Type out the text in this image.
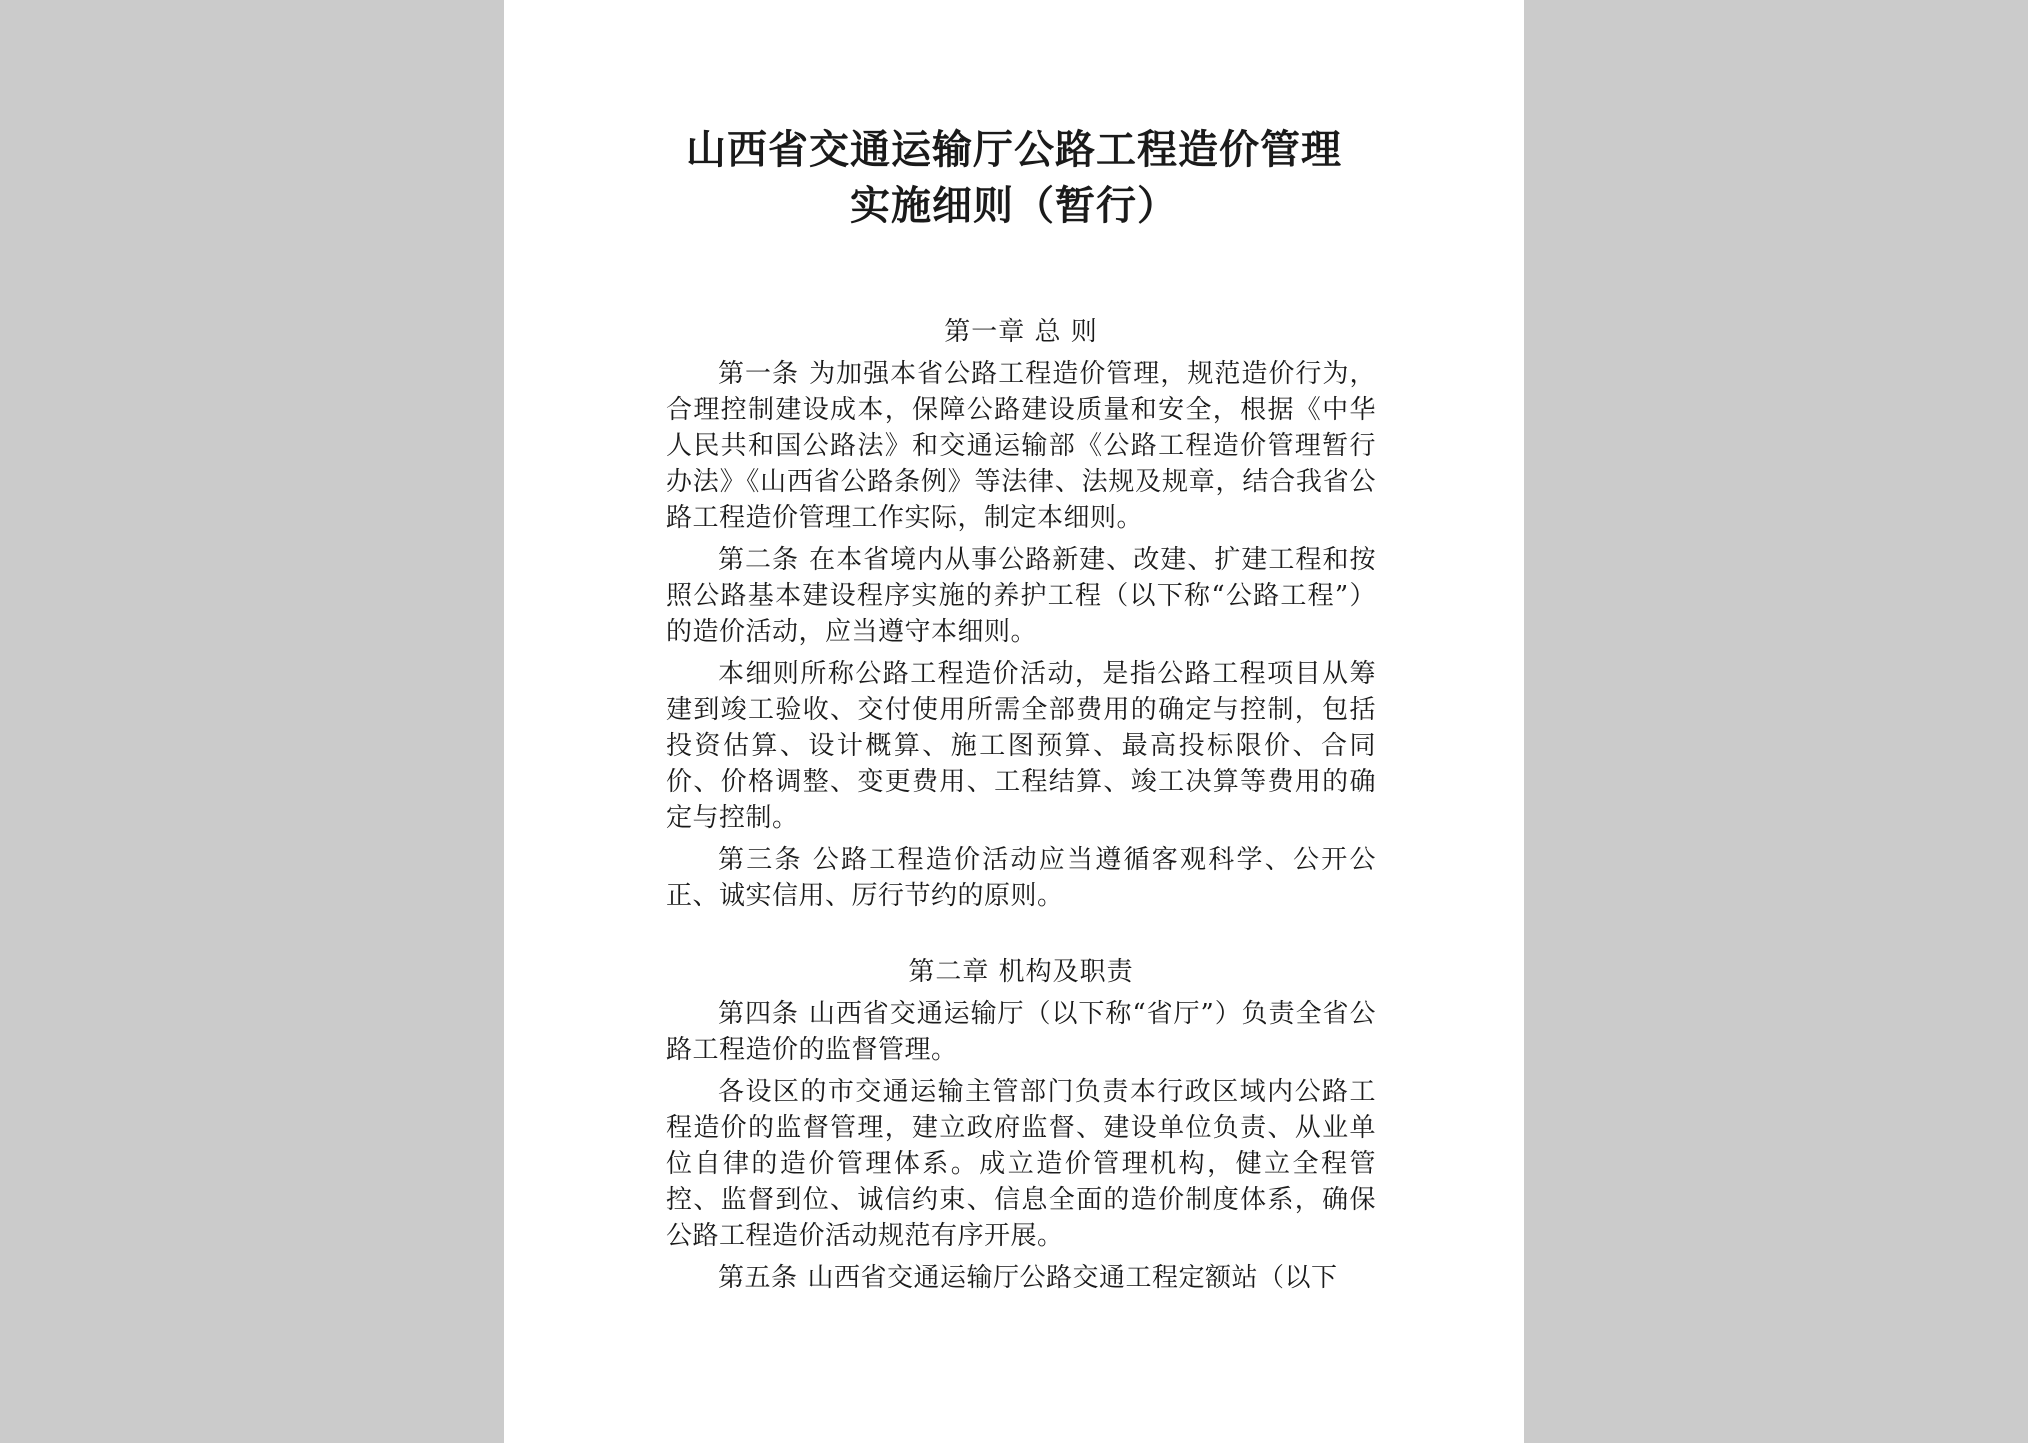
山西省交通运输厅公路工程造价管理
实施细则（暂行）

第一章 总 则

第一条 为加强本省公路工程造价管理，规范造价行为，合理控制建设成本，保障公路建设质量和安全，根据《中华人民共和国公路法》和交通运输部《公路工程造价管理暂行办法》《山西省公路条例》等法律、法规及规章，结合我省公路工程造价管理工作实际，制定本细则。

第二条 在本省境内从事公路新建、改建、扩建工程和按照公路基本建设程序实施的养护工程（以下称“公路工程”）的造价活动，应当遵守本细则。

本细则所称公路工程造价活动，是指公路工程项目从筹建到竣工验收、交付使用所需全部费用的确定与控制，包括投资估算、设计概算、施工图预算、最高投标限价、合同价、价格调整、变更费用、工程结算、竣工决算等费用的确定与控制。

第三条 公路工程造价活动应当遵循客观科学、公开公正、诚实信用、厉行节约的原则。

第二章 机构及职责

第四条 山西省交通运输厅（以下称“省厅”）负责全省公路工程造价的监督管理。

各设区的市交通运输主管部门负责本行政区域内公路工程造价的监督管理，建立政府监督、建设单位负责、从业单位自律的造价管理体系。成立造价管理机构，健立全程管控、监督到位、诚信约束、信息全面的造价制度体系，确保公路工程造价活动规范有序开展。

第五条 山西省交通运输厅公路交通工程定额站（以下
